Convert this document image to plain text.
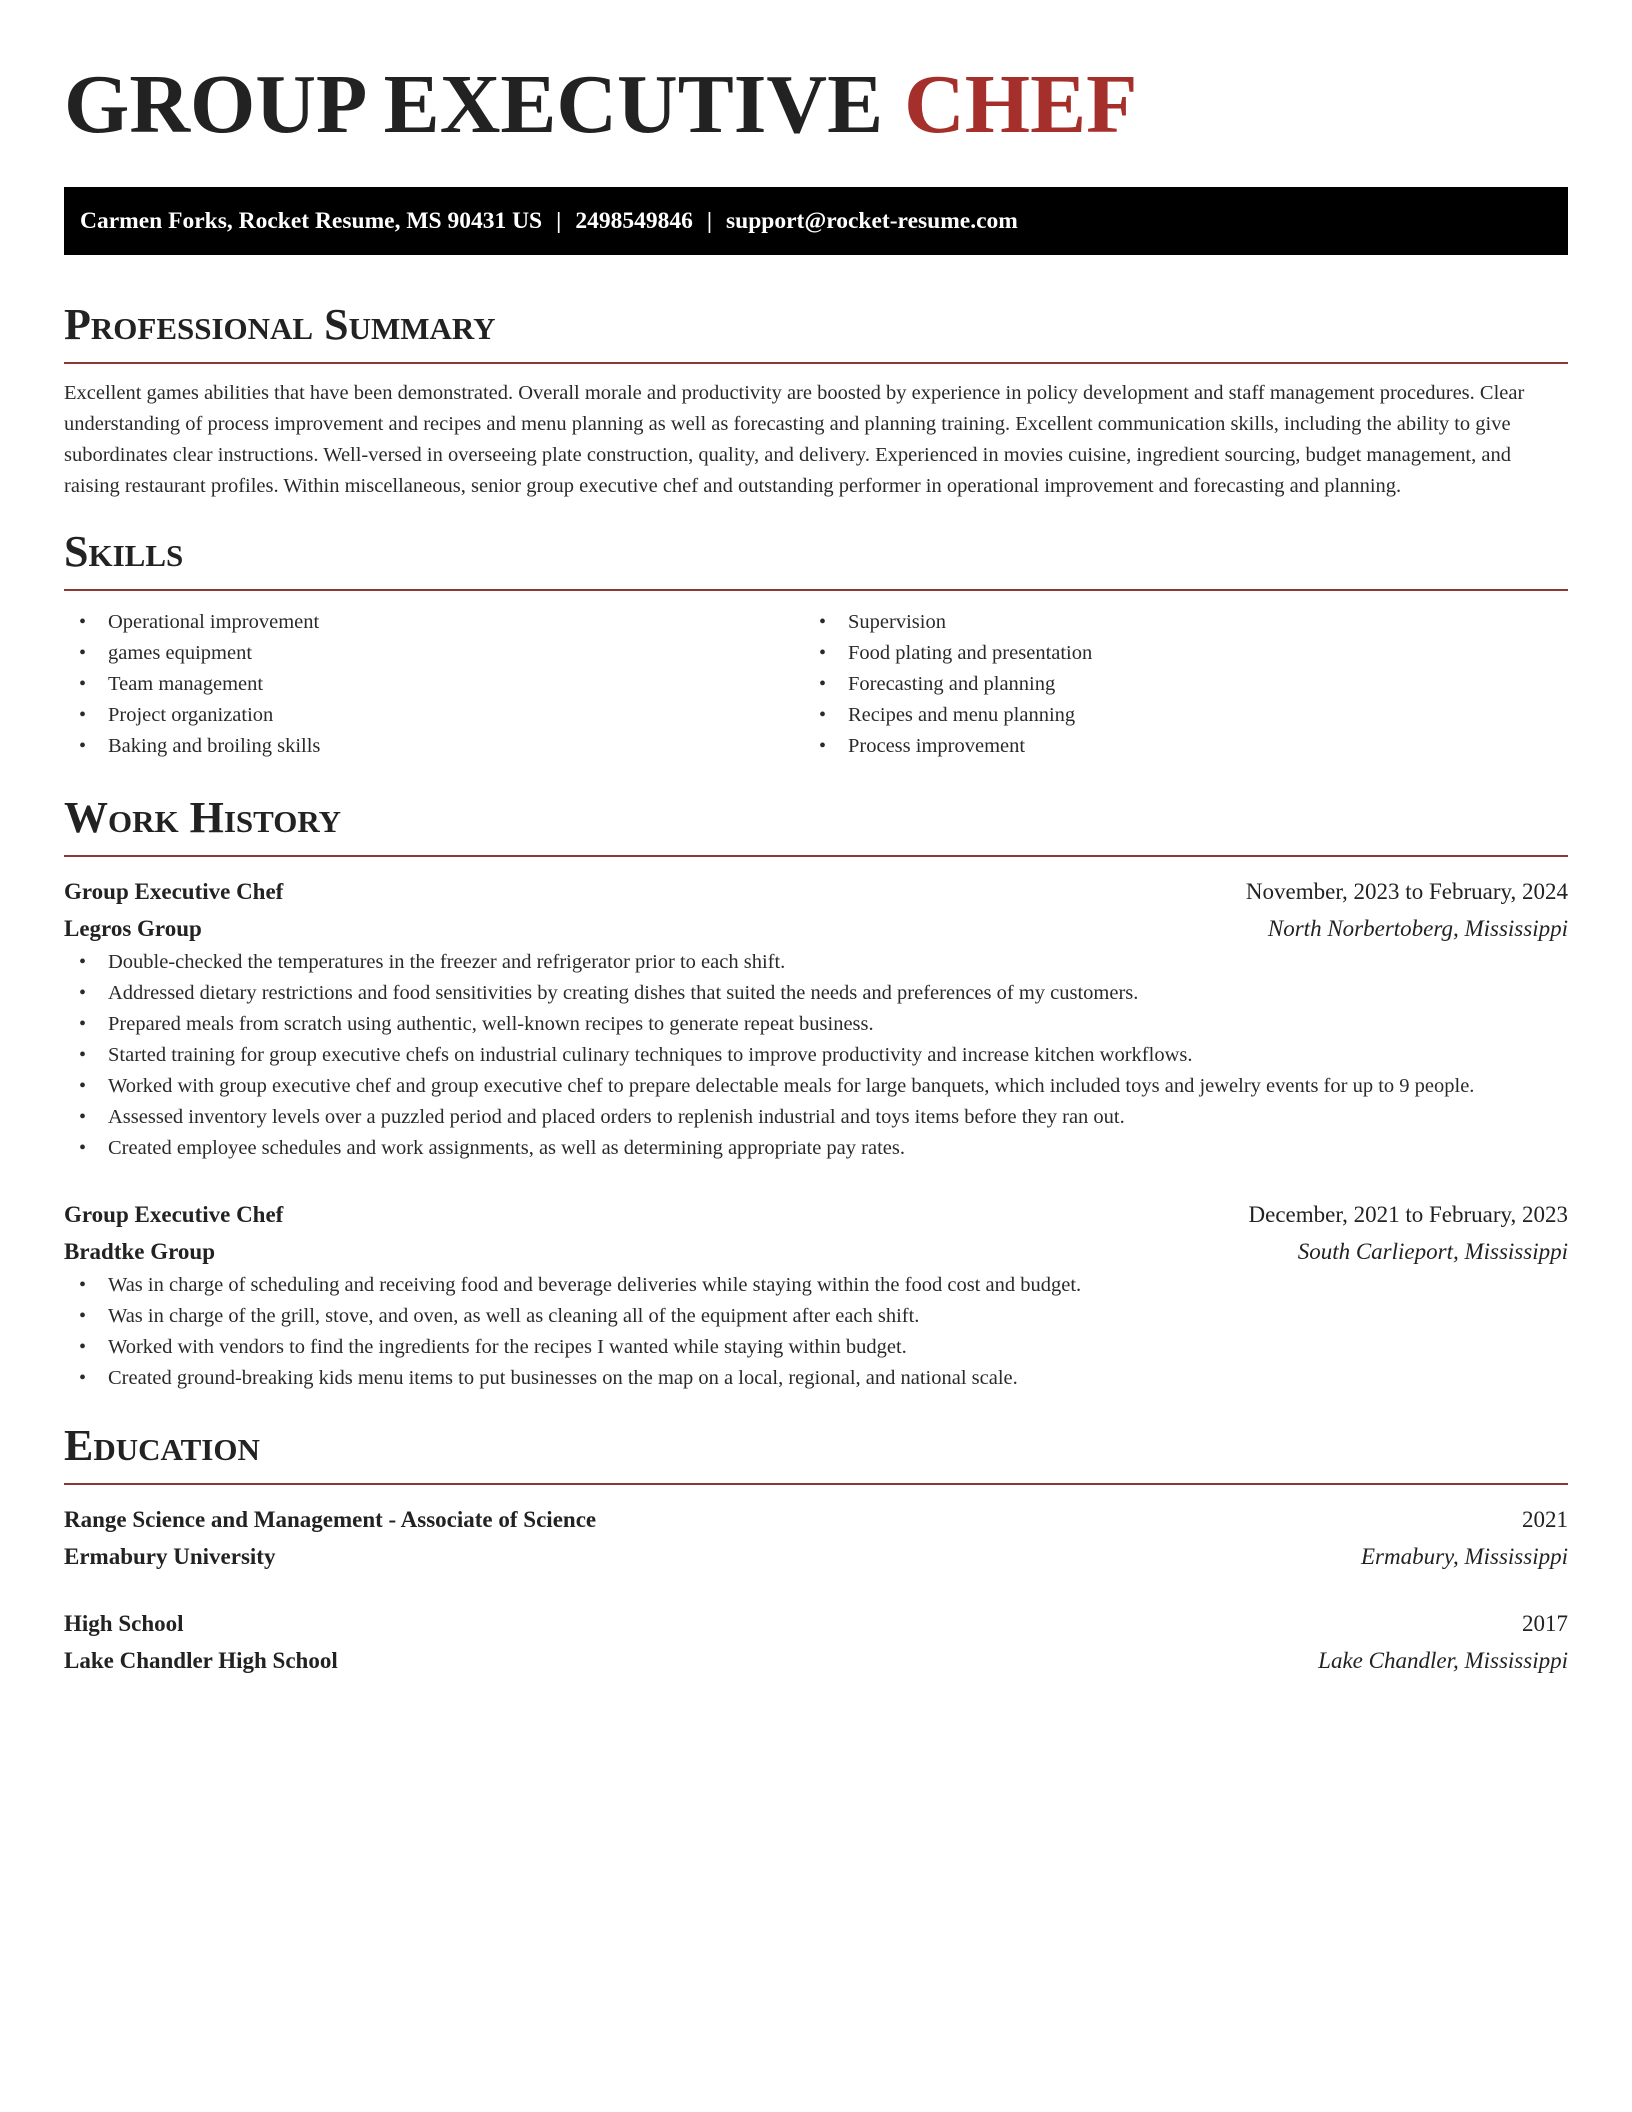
GROUP EXECUTIVE CHEF
Carmen Forks, Rocket Resume, MS 90431 US | 2498549846 | support@rocket-resume.com
Professional Summary

Excellent games abilities that have been demonstrated. Overall morale and productivity are boosted by experience in policy development and staff management procedures. Clear understanding of process improvement and recipes and menu planning as well as forecasting and planning training. Excellent communication skills, including the ability to give subordinates clear instructions. Well-versed in overseeing plate construction, quality, and delivery. Experienced in movies cuisine, ingredient sourcing, budget management, and raising restaurant profiles. Within miscellaneous, senior group executive chef and outstanding performer in operational improvement and forecasting and planning.

Skills
• Operational improvement
• games equipment
• Team management
• Project organization
• Baking and broiling skills
• Supervision
• Food plating and presentation
• Forecasting and planning
• Recipes and menu planning
• Process improvement
Work History
Group Executive Chef	November, 2023 to February, 2024
Legros Group	North Norbertoberg, Mississippi
• Double-checked the temperatures in the freezer and refrigerator prior to each shift.
• Addressed dietary restrictions and food sensitivities by creating dishes that suited the needs and preferences of my customers.
• Prepared meals from scratch using authentic, well-known recipes to generate repeat business.
• Started training for group executive chefs on industrial culinary techniques to improve productivity and increase kitchen workflows.
• Worked with group executive chef and group executive chef to prepare delectable meals for large banquets, which included toys and jewelry events for up to 9 people.
• Assessed inventory levels over a puzzled period and placed orders to replenish industrial and toys items before they ran out.
• Created employee schedules and work assignments, as well as determining appropriate pay rates.
Group Executive Chef	December, 2021 to February, 2023
Bradtke Group	South Carlieport, Mississippi
• Was in charge of scheduling and receiving food and beverage deliveries while staying within the food cost and budget.
• Was in charge of the grill, stove, and oven, as well as cleaning all of the equipment after each shift.
• Worked with vendors to find the ingredients for the recipes I wanted while staying within budget.
• Created ground-breaking kids menu items to put businesses on the map on a local, regional, and national scale.
Education
Range Science and Management - Associate of Science	2021
Ermabury University	Ermabury, Mississippi
High School	2017
Lake Chandler High School	Lake Chandler, Mississippi
